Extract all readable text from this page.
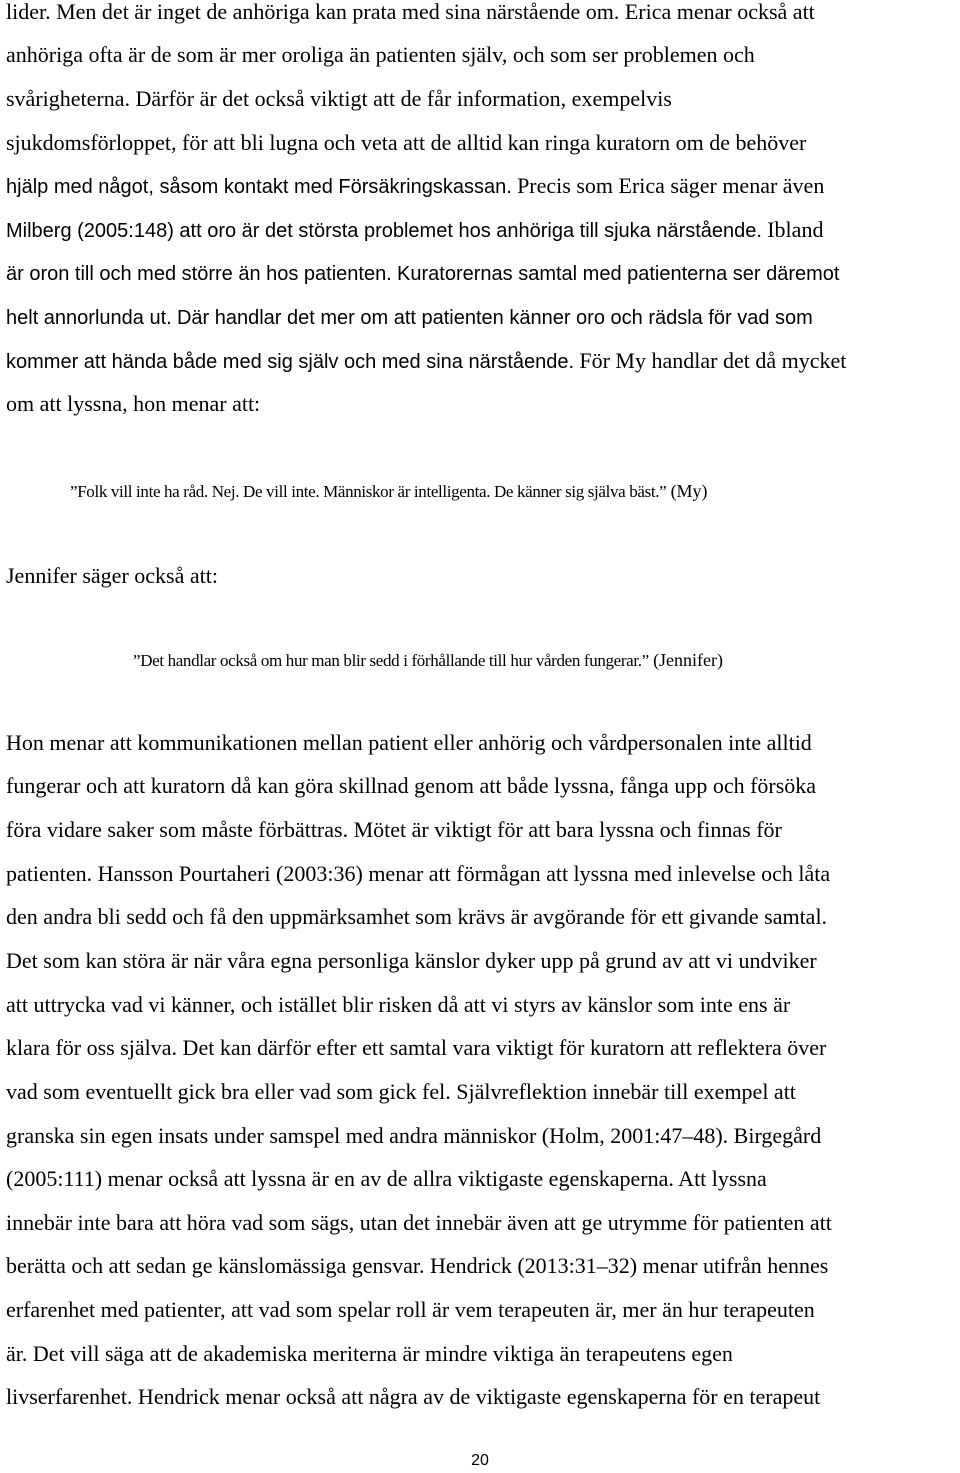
lider. Men det är inget de anhöriga kan prata med sina närstående om. Erica menar också att
anhöriga ofta är de som är mer oroliga än patienten själv, och som ser problemen och
svårigheterna. Därför är det också viktigt att de får information, exempelvis
sjukdomsförloppet, för att bli lugna och veta att de alltid kan ringa kuratorn om de behöver
hjälp med något, såsom kontakt med Försäkringskassan. Precis som Erica säger menar även
Milberg (2005:148) att oro är det största problemet hos anhöriga till sjuka närstående. Ibland
är oron till och med större än hos patienten. Kuratorernas samtal med patienterna ser däremot
helt annorlunda ut. Där handlar det mer om att patienten känner oro och rädsla för vad som
kommer att hända både med sig själv och med sina närstående. För My handlar det då mycket
om att lyssna, hon menar att:
”Folk vill inte ha råd. Nej. De vill inte. Människor är intelligenta. De känner sig själva bäst.” (My)
Jennifer säger också att:
”Det handlar också om hur man blir sedd i förhållande till hur vården fungerar.” (Jennifer)
Hon menar att kommunikationen mellan patient eller anhörig och vårdpersonalen inte alltid
fungerar och att kuratorn då kan göra skillnad genom att både lyssna, fånga upp och försöka
föra vidare saker som måste förbättras. Mötet är viktigt för att bara lyssna och finnas för
patienten. Hansson Pourtaheri (2003:36) menar att förmågan att lyssna med inlevelse och låta
den andra bli sedd och få den uppmärksamhet som krävs är avgörande för ett givande samtal.
Det som kan störa är när våra egna personliga känslor dyker upp på grund av att vi undviker
att uttrycka vad vi känner, och istället blir risken då att vi styrs av känslor som inte ens är
klara för oss själva. Det kan därför efter ett samtal vara viktigt för kuratorn att reflektera över
vad som eventuellt gick bra eller vad som gick fel. Självreflektion innebär till exempel att
granska sin egen insats under samspel med andra människor (Holm, 2001:47–48). Birgegård
(2005:111) menar också att lyssna är en av de allra viktigaste egenskaperna. Att lyssna
innebär inte bara att höra vad som sägs, utan det innebär även att ge utrymme för patienten att
berätta och att sedan ge känslomässiga gensvar. Hendrick (2013:31–32) menar utifrån hennes
erfarenhet med patienter, att vad som spelar roll är vem terapeuten är, mer än hur terapeuten
är. Det vill säga att de akademiska meriterna är mindre viktiga än terapeutens egen
livserfarenhet. Hendrick menar också att några av de viktigaste egenskaperna för en terapeut
20
